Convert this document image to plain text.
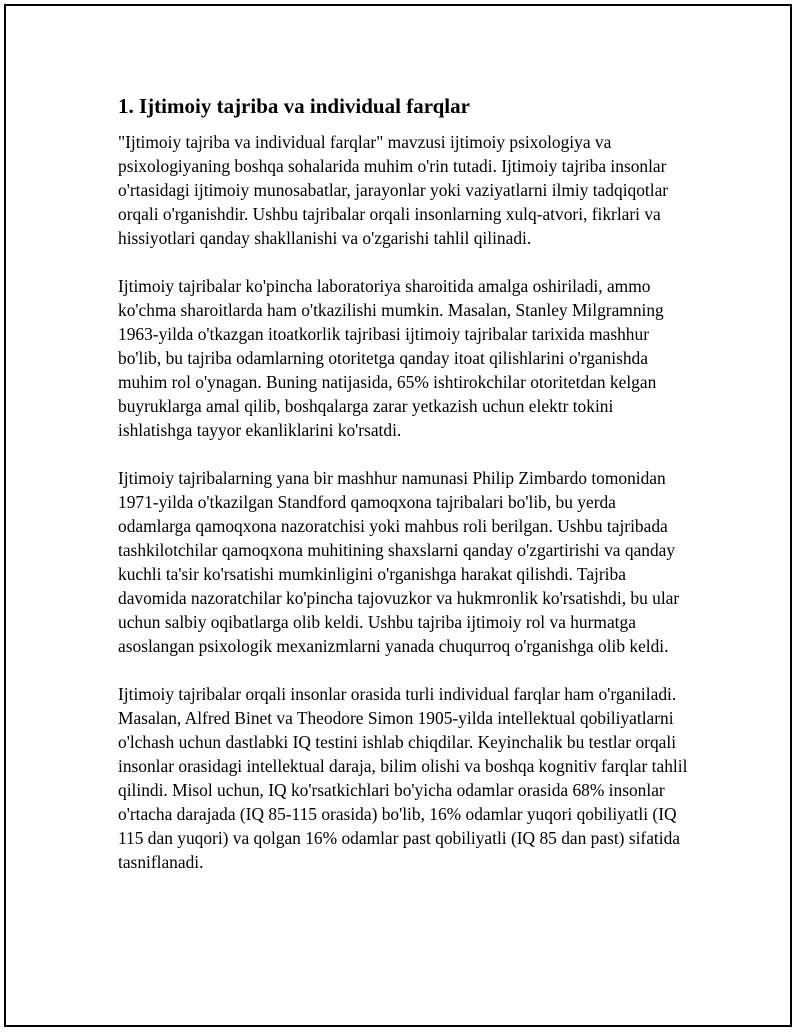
1. Ijtimoiy tajriba va individual farqlar

"Ijtimoiy tajriba va individual farqlar" mavzusi ijtimoiy psixologiya va psixologiyaning boshqa sohalarida muhim o'rin tutadi. Ijtimoiy tajriba insonlar o'rtasidagi ijtimoiy munosabatlar, jarayonlar yoki vaziyatlarni ilmiy tadqiqotlar orqali o'rganishdir. Ushbu tajribalar orqali insonlarning xulq-atvori, fikrlari va hissiyotlari qanday shakllanishi va o'zgarishi tahlil qilinadi.

Ijtimoiy tajribalar ko'pincha laboratoriya sharoitida amalga oshiriladi, ammo ko'chma sharoitlarda ham o'tkazilishi mumkin. Masalan, Stanley Milgramning 1963-yilda o'tkazgan itoatkorlik tajribasi ijtimoiy tajribalar tarixida mashhur bo'lib, bu tajriba odamlarning otoritetga qanday itoat qilishlarini o'rganishda muhim rol o'ynagan. Buning natijasida, 65% ishtirokchilar otoritetdan kelgan buyruklarga amal qilib, boshqalarga zarar yetkazish uchun elektr tokini ishlatishga tayyor ekanliklarini ko'rsatdi.

Ijtimoiy tajribalarning yana bir mashhur namunasi Philip Zimbardo tomonidan 1971-yilda o'tkazilgan Standford qamoqxona tajribalari bo'lib, bu yerda odamlarga qamoqxona nazoratchisi yoki mahbus roli berilgan. Ushbu tajribada tashkilotchilar qamoqxona muhitining shaxslarni qanday o'zgartirishi va qanday kuchli ta'sir ko'rsatishi mumkinligini o'rganishga harakat qilishdi. Tajriba davomida nazoratchilar ko'pincha tajovuzkor va hukmronlik ko'rsatishdi, bu ular uchun salbiy oqibatlarga olib keldi. Ushbu tajriba ijtimoiy rol va hurmatga asoslangan psixologik mexanizmlarni yanada chuqurroq o'rganishga olib keldi.

Ijtimoiy tajribalar orqali insonlar orasida turli individual farqlar ham o'rganiladi. Masalan, Alfred Binet va Theodore Simon 1905-yilda intellektual qobiliyatlarni o'lchash uchun dastlabki IQ testini ishlab chiqdilar. Keyinchalik bu testlar orqali insonlar orasidagi intellektual daraja, bilim olishi va boshqa kognitiv farqlar tahlil qilindi. Misol uchun, IQ ko'rsatkichlari bo'yicha odamlar orasida 68% insonlar o'rtacha darajada (IQ 85-115 orasida) bo'lib, 16% odamlar yuqori qobiliyatli (IQ 115 dan yuqori) va qolgan 16% odamlar past qobiliyatli (IQ 85 dan past) sifatida tasniflanadi.
